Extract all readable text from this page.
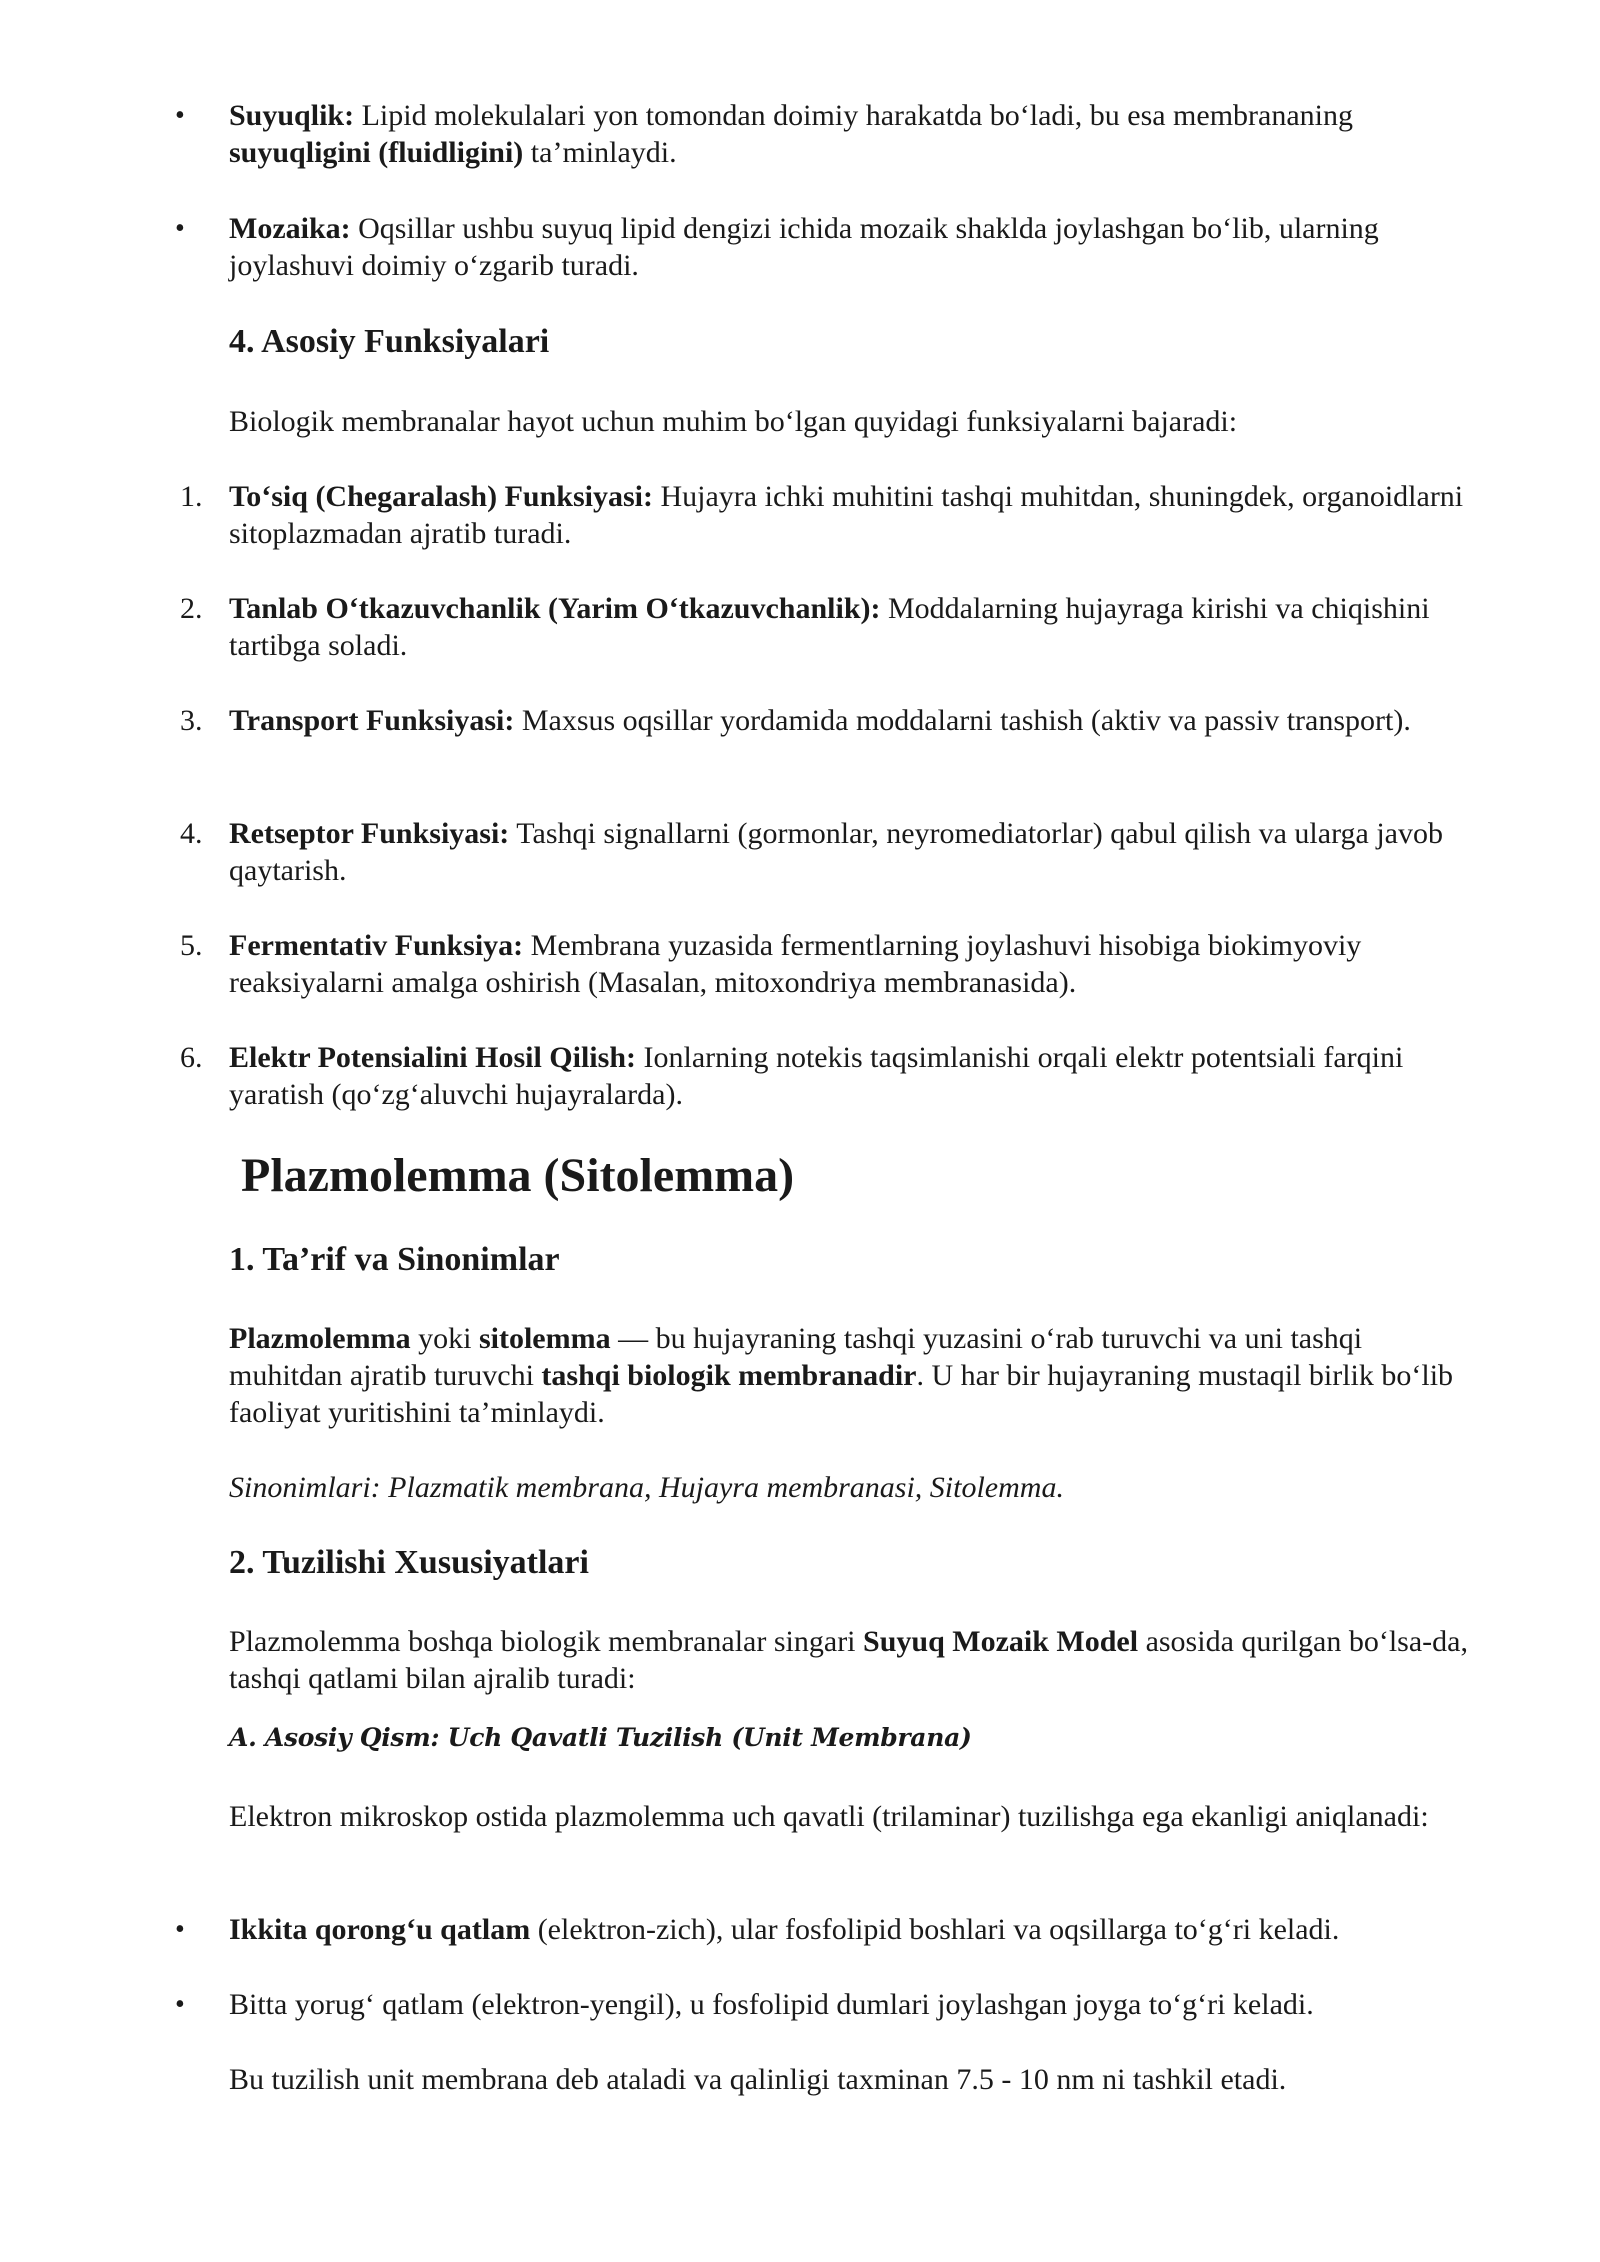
• Suyuqlik: Lipid molekulalari yon tomondan doimiy harakatda bo‘ladi, bu esa membrananing suyuqligini (fluidligini) ta’minlaydi.
• Mozaika: Oqsillar ushbu suyuq lipid dengizi ichida mozaik shaklda joylashgan bo‘lib, ularning joylashuvi doimiy o‘zgarib turadi.
4. Asosiy Funksiyalari
Biologik membranalar hayot uchun muhim bo‘lgan quyidagi funksiyalarni bajaradi:
1. To‘siq (Chegaralash) Funksiyasi: Hujayra ichki muhitini tashqi muhitdan, shuningdek, organoidlarni sitoplazmadan ajratib turadi.
2. Tanlab O‘tkazuvchanlik (Yarim O‘tkazuvchanlik): Moddalarning hujayraga kirishi va chiqishini tartibga soladi.
3. Transport Funksiyasi: Maxsus oqsillar yordamida moddalarni tashish (aktiv va passiv transport).
4. Retseptor Funksiyasi: Tashqi signallarni (gormonlar, neyromediatorlar) qabul qilish va ularga javob qaytarish.
5. Fermentativ Funksiya: Membrana yuzasida fermentlarning joylashuvi hisobiga biokimyoviy reaksiyalarni amalga oshirish (Masalan, mitoxondriya membranasida).
6. Elektr Potensialini Hosil Qilish: Ionlarning notekis taqsimlanishi orqali elektr potentsiali farqini yaratish (qo‘zg‘aluvchi hujayralarda).
Plazmolemma (Sitolemma)
1. Ta’rif va Sinonimlar
Plazmolemma yoki sitolemma — bu hujayraning tashqi yuzasini o‘rab turuvchi va uni tashqi muhitdan ajratib turuvchi tashqi biologik membranadir. U har bir hujayraning mustaqil birlik bo‘lib faoliyat yuritishini ta’minlaydi.
Sinonimlari: Plazmatik membrana, Hujayra membranasi, Sitolemma.
2. Tuzilishi Xususiyatlari
Plazmolemma boshqa biologik membranalar singari Suyuq Mozaik Model asosida qurilgan bo‘lsa-da, tashqi qatlami bilan ajralib turadi:
A. Asosiy Qism: Uch Qavatli Tuzilish (Unit Membrana)
Elektron mikroskop ostida plazmolemma uch qavatli (trilaminar) tuzilishga ega ekanligi aniqlanadi:
• Ikkita qorong‘u qatlam (elektron-zich), ular fosfolipid boshlari va oqsillarga to‘g‘ri keladi.
• Bitta yorug‘ qatlam (elektron-yengil), u fosfolipid dumlari joylashgan joyga to‘g‘ri keladi.
Bu tuzilish unit membrana deb ataladi va qalinligi taxminan 7.5 - 10 nm ni tashkil etadi.
